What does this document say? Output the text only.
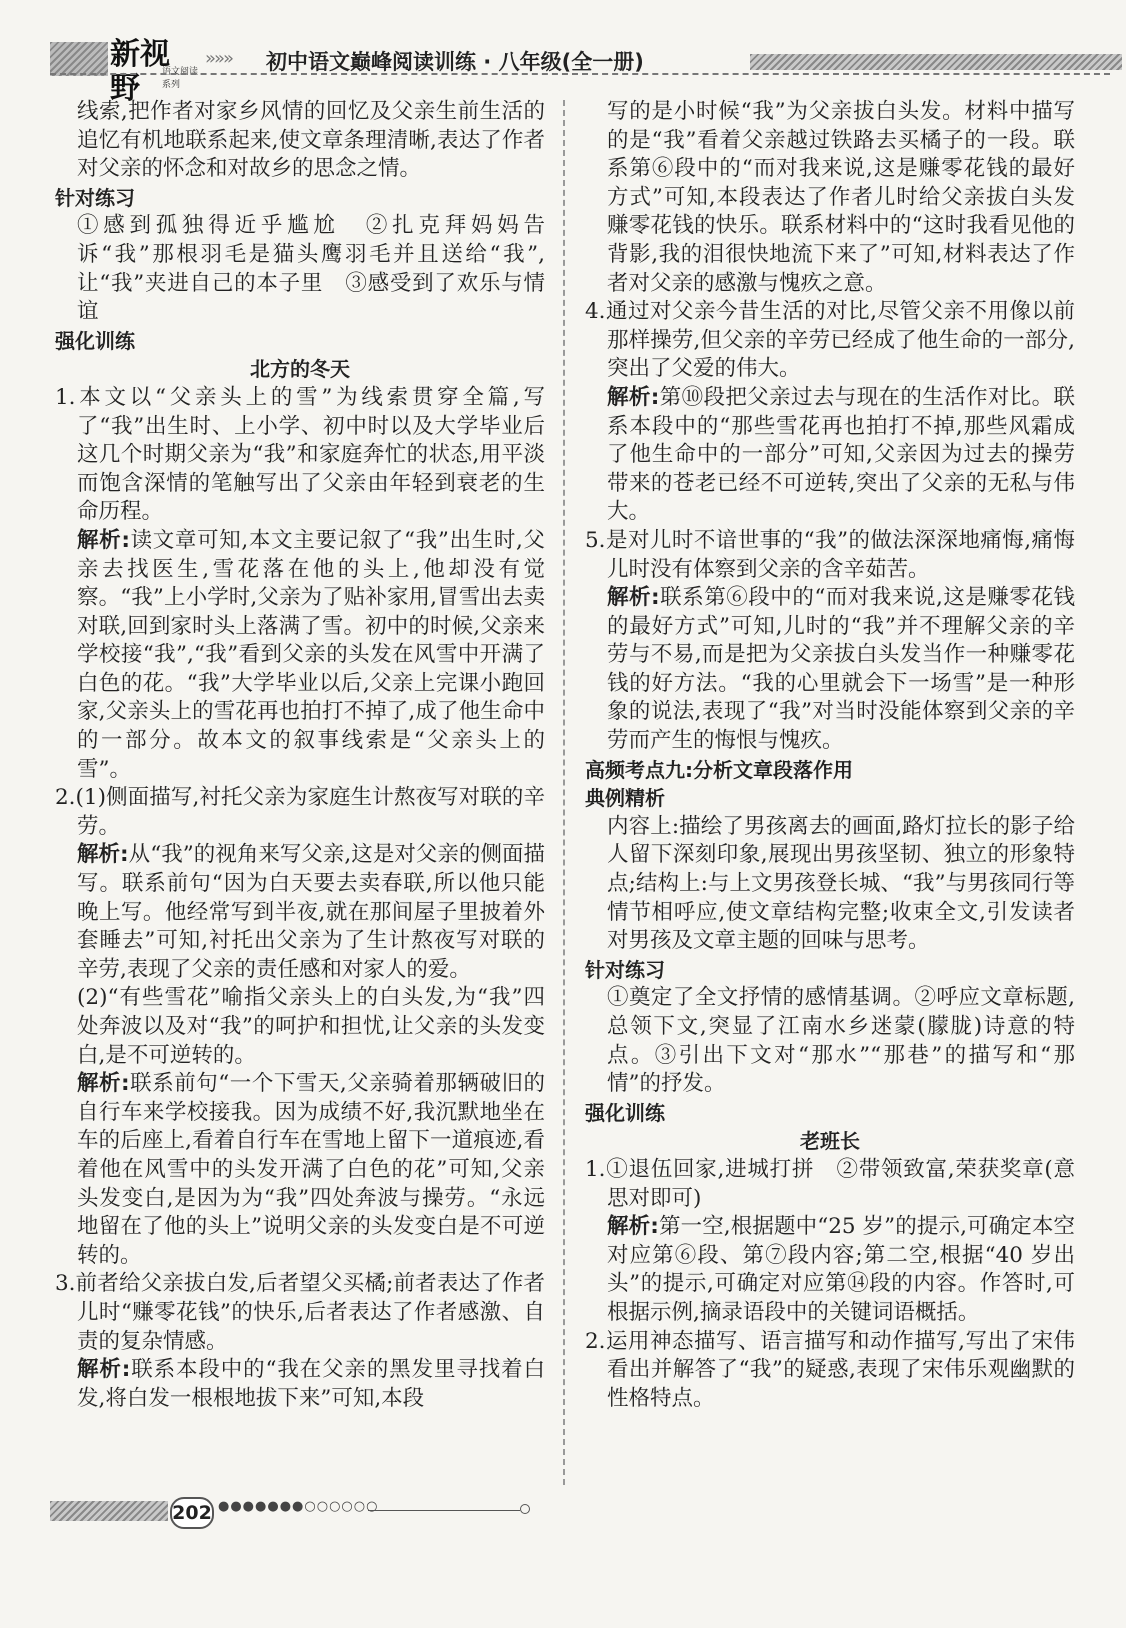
新视野	语文阅读系列
»»» 初中语文巅峰阅读训练 · 八年级(全一册)

线索,把作者对家乡风情的回忆及父亲生前生活的追忆有机地联系起来,使文章条理清晰,表达了作者对父亲的怀念和对故乡的思念之情。

针对练习

①感到孤独得近乎尴尬　②扎克拜妈妈告诉“我”那根羽毛是猫头鹰羽毛并且送给“我”,让“我”夹进自己的本子里　③感受到了欢乐与情谊

强化训练

北方的冬天

1.本文以“父亲头上的雪”为线索贯穿全篇,写了“我”出生时、上小学、初中时以及大学毕业后这几个时期父亲为“我”和家庭奔忙的状态,用平淡而饱含深情的笔触写出了父亲由年轻到衰老的生命历程。

解析:读文章可知,本文主要记叙了“我”出生时,父亲去找医生,雪花落在他的头上,他却没有觉察。“我”上小学时,父亲为了贴补家用,冒雪出去卖对联,回到家时头上落满了雪。初中的时候,父亲来学校接“我”,“我”看到父亲的头发在风雪中开满了白色的花。“我”大学毕业以后,父亲上完课小跑回家,父亲头上的雪花再也拍打不掉了,成了他生命中的一部分。故本文的叙事线索是“父亲头上的雪”。

2.(1)侧面描写,衬托父亲为家庭生计熬夜写对联的辛劳。

解析:从“我”的视角来写父亲,这是对父亲的侧面描写。联系前句“因为白天要去卖春联,所以他只能晚上写。他经常写到半夜,就在那间屋子里披着外套睡去”可知,衬托出父亲为了生计熬夜写对联的辛劳,表现了父亲的责任感和对家人的爱。

(2)“有些雪花”喻指父亲头上的白头发,为“我”四处奔波以及对“我”的呵护和担忧,让父亲的头发变白,是不可逆转的。

解析:联系前句“一个下雪天,父亲骑着那辆破旧的自行车来学校接我。因为成绩不好,我沉默地坐在车的后座上,看着自行车在雪地上留下一道痕迹,看着他在风雪中的头发开满了白色的花”可知,父亲头发变白,是因为为“我”四处奔波与操劳。“永远地留在了他的头上”说明父亲的头发变白是不可逆转的。

3.前者给父亲拔白发,后者望父买橘;前者表达了作者儿时“赚零花钱”的快乐,后者表达了作者感激、自责的复杂情感。

解析:联系本段中的“我在父亲的黑发里寻找着白发,将白发一根根地拔下来”可知,本段

写的是小时候“我”为父亲拔白头发。材料中描写的是“我”看着父亲越过铁路去买橘子的一段。联系第⑥段中的“而对我来说,这是赚零花钱的最好方式”可知,本段表达了作者儿时给父亲拔白头发赚零花钱的快乐。联系材料中的“这时我看见他的背影,我的泪很快地流下来了”可知,材料表达了作者对父亲的感激与愧疚之意。

4.通过对父亲今昔生活的对比,尽管父亲不用像以前那样操劳,但父亲的辛劳已经成了他生命的一部分,突出了父爱的伟大。

解析:第⑩段把父亲过去与现在的生活作对比。联系本段中的“那些雪花再也拍打不掉,那些风霜成了他生命中的一部分”可知,父亲因为过去的操劳带来的苍老已经不可逆转,突出了父亲的无私与伟大。

5.是对儿时不谙世事的“我”的做法深深地痛悔,痛悔儿时没有体察到父亲的含辛茹苦。

解析:联系第⑥段中的“而对我来说,这是赚零花钱的最好方式”可知,儿时的“我”并不理解父亲的辛劳与不易,而是把为父亲拔白头发当作一种赚零花钱的好方法。“我的心里就会下一场雪”是一种形象的说法,表现了“我”对当时没能体察到父亲的辛劳而产生的悔恨与愧疚。

高频考点九:分析文章段落作用

典例精析

内容上:描绘了男孩离去的画面,路灯拉长的影子给人留下深刻印象,展现出男孩坚韧、独立的形象特点;结构上:与上文男孩登长城、“我”与男孩同行等情节相呼应,使文章结构完整;收束全文,引发读者对男孩及文章主题的回味与思考。

针对练习

①奠定了全文抒情的感情基调。②呼应文章标题,总领下文,突显了江南水乡迷蒙(朦胧)诗意的特点。③引出下文对“那水”“那巷”的描写和“那情”的抒发。

强化训练

老班长

1.①退伍回家,进城打拼　②带领致富,荣获奖章(意思对即可)

解析:第一空,根据题中“25 岁”的提示,可确定本空对应第⑥段、第⑦段内容;第二空,根据“40 岁出头”的提示,可确定对应第⑭段的内容。作答时,可根据示例,摘录语段中的关键词语概括。

2.运用神态描写、语言描写和动作描写,写出了宋伟看出并解答了“我”的疑惑,表现了宋伟乐观幽默的性格特点。

202 ●●●●●●●○○○○○○
